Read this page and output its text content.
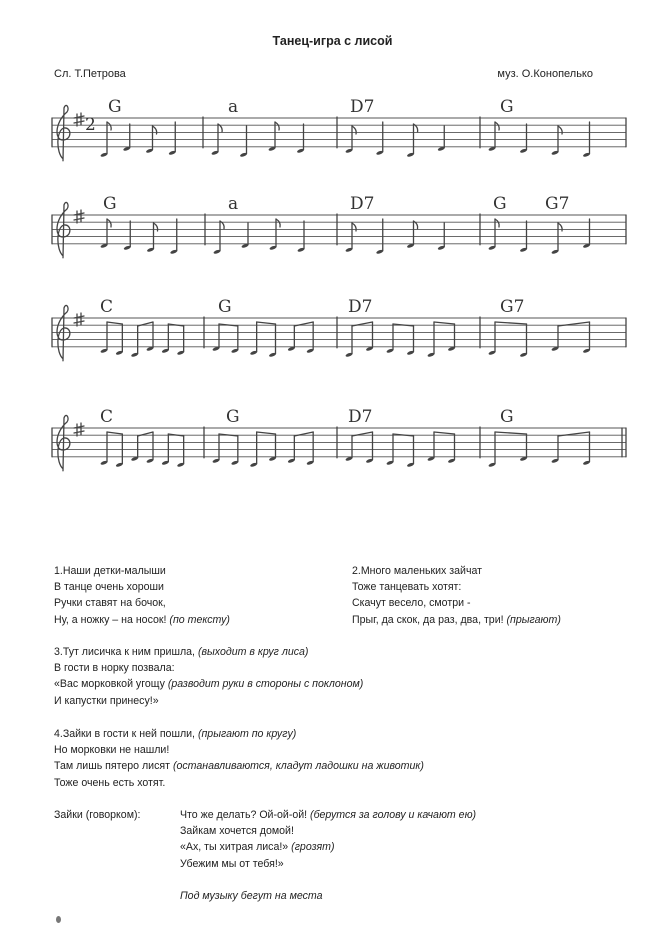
Танец-игра с лисой
Сл. Т.Петрова	муз. О.Конопелько
2
G	a	D7	G
G	a	D7	G G7
C	G	D7	G7
C	G	D7	G
1.Наши детки-малыши
В танце очень хороши
Ручки ставят на бочок,
Ну, а ножку – на носок! (по тексту)
2.Много маленьких зайчат
Тоже танцевать хотят:
Скачут весело, смотри -
Прыг, да скок, да раз, два, три! (прыгают)
3.Тут лисичка к ним пришла, (выходит в круг лиса)
В гости в норку позвала:
«Вас морковкой угощу (разводит руки в стороны с поклоном)
И капустки принесу!»
4.Зайки в гости к ней пошли, (прыгают по кругу)
Но морковки не нашли!
Там лишь пятеро лисят (останавливаются, кладут ладошки на животик)
Тоже очень есть хотят.
Зайки (говорком):	Что же делать? Ой-ой-ой! (берутся за голову и качают ею)
Зайкам хочется домой!
«Ах, ты хитрая лиса!» (грозят)
Убежим мы от тебя!»
Под музыку бегут на места
